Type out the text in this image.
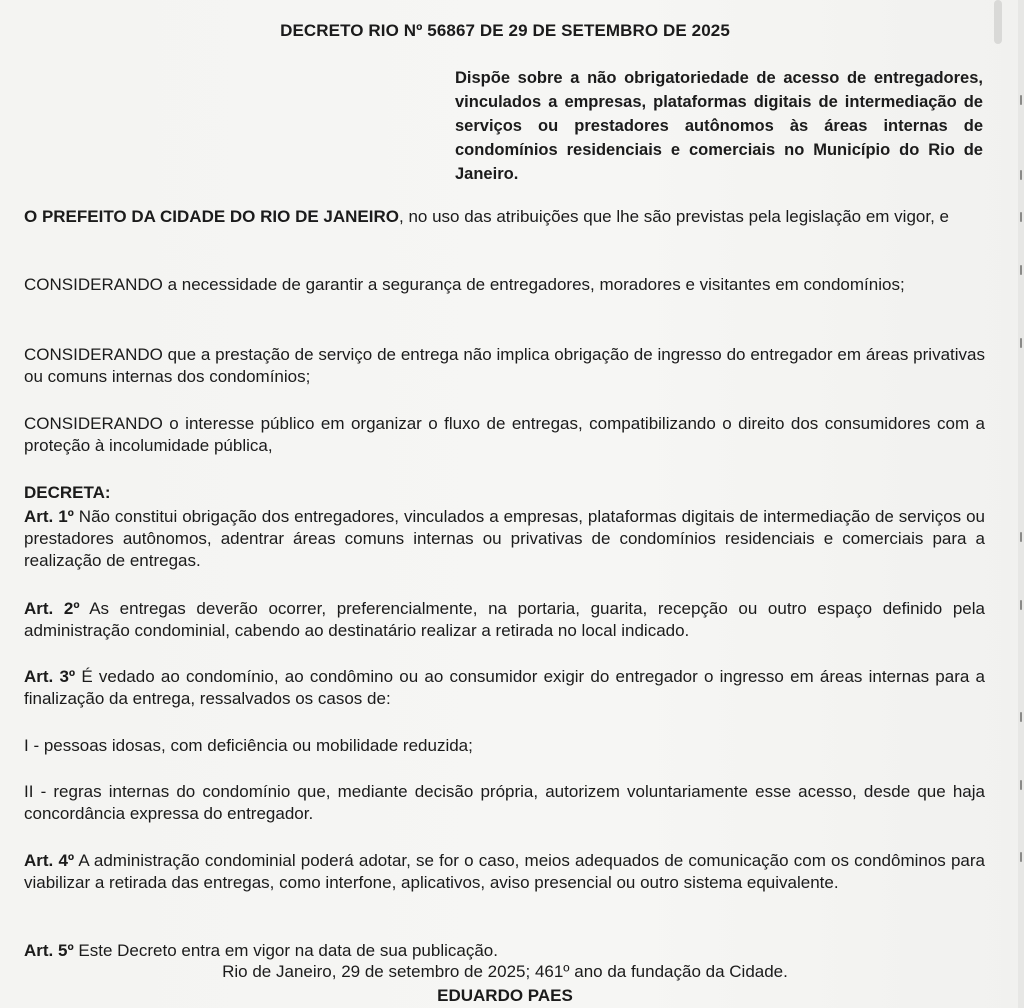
DECRETO RIO Nº 56867 DE 29 DE SETEMBRO DE 2025
Dispõe sobre a não obrigatoriedade de acesso de entregadores, vinculados a empresas, plataformas digitais de intermediação de serviços ou prestadores autônomos às áreas internas de condomínios residenciais e comerciais no Município do Rio de Janeiro.
O PREFEITO DA CIDADE DO RIO DE JANEIRO, no uso das atribuições que lhe são previstas pela legislação em vigor, e
CONSIDERANDO a necessidade de garantir a segurança de entregadores, moradores e visitantes em condomínios;
CONSIDERANDO que a prestação de serviço de entrega não implica obrigação de ingresso do entregador em áreas privativas ou comuns internas dos condomínios;
CONSIDERANDO o interesse público em organizar o fluxo de entregas, compatibilizando o direito dos consumidores com a proteção à incolumidade pública,
DECRETA:
Art. 1º Não constitui obrigação dos entregadores, vinculados a empresas, plataformas digitais de intermediação de serviços ou prestadores autônomos, adentrar áreas comuns internas ou privativas de condomínios residenciais e comerciais para a realização de entregas.
Art. 2º As entregas deverão ocorrer, preferencialmente, na portaria, guarita, recepção ou outro espaço definido pela administração condominial, cabendo ao destinatário realizar a retirada no local indicado.
Art. 3º É vedado ao condomínio, ao condômino ou ao consumidor exigir do entregador o ingresso em áreas internas para a finalização da entrega, ressalvados os casos de:
I - pessoas idosas, com deficiência ou mobilidade reduzida;
II - regras internas do condomínio que, mediante decisão própria, autorizem voluntariamente esse acesso, desde que haja concordância expressa do entregador.
Art. 4º A administração condominial poderá adotar, se for o caso, meios adequados de comunicação com os condôminos para viabilizar a retirada das entregas, como interfone, aplicativos, aviso presencial ou outro sistema equivalente.
Art. 5º Este Decreto entra em vigor na data de sua publicação.
Rio de Janeiro, 29 de setembro de 2025; 461º ano da fundação da Cidade.
EDUARDO PAES
